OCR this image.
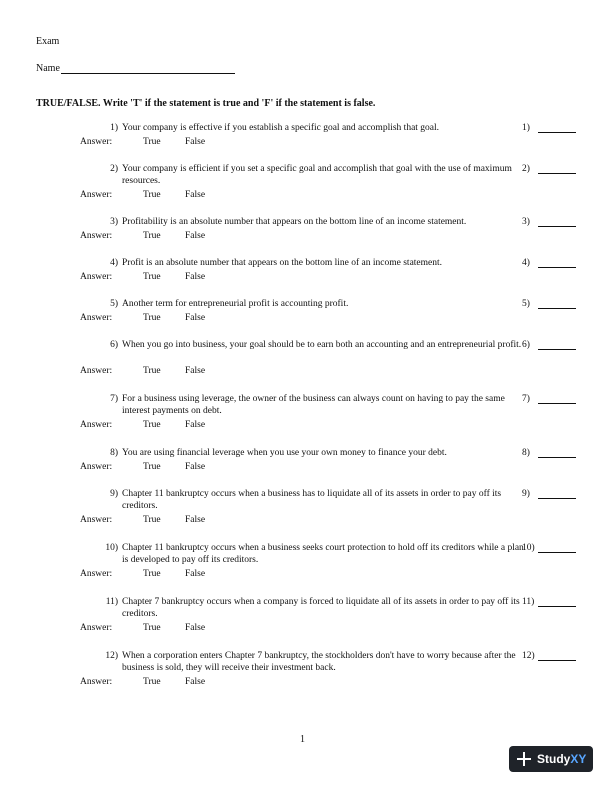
Exam
Name
TRUE/FALSE. Write 'T' if the statement is true and 'F' if the statement is false.
1) Your company is effective if you establish a specific goal and accomplish that goal.
Answer:	True	False
1)
2) Your company is efficient if you set a specific goal and accomplish that goal with the use of maximum resources.
Answer:	True	False
2)
3) Profitability is an absolute number that appears on the bottom line of an income statement.
Answer:	True	False
3)
4) Profit is an absolute number that appears on the bottom line of an income statement.
Answer:	True	False
4)
5) Another term for entrepreneurial profit is accounting profit.
Answer:	True	False
5)
6) When you go into business, your goal should be to earn both an accounting and an entrepreneurial profit.
Answer:	True	False
6)
7) For a business using leverage, the owner of the business can always count on having to pay the same interest payments on debt.
Answer:	True	False
7)
8) You are using financial leverage when you use your own money to finance your debt.
Answer:	True	False
8)
9) Chapter 11 bankruptcy occurs when a business has to liquidate all of its assets in order to pay off its creditors.
Answer:	True	False
9)
10) Chapter 11 bankruptcy occurs when a business seeks court protection to hold off its creditors while a plan is developed to pay off its creditors.
Answer:	True	False
10)
11) Chapter 7 bankruptcy occurs when a company is forced to liquidate all of its assets in order to pay off its creditors.
Answer:	True	False
11)
12) When a corporation enters Chapter 7 bankruptcy, the stockholders don't have to worry because after the business is sold, they will receive their investment back.
Answer:	True	False
12)
1
Study XY
